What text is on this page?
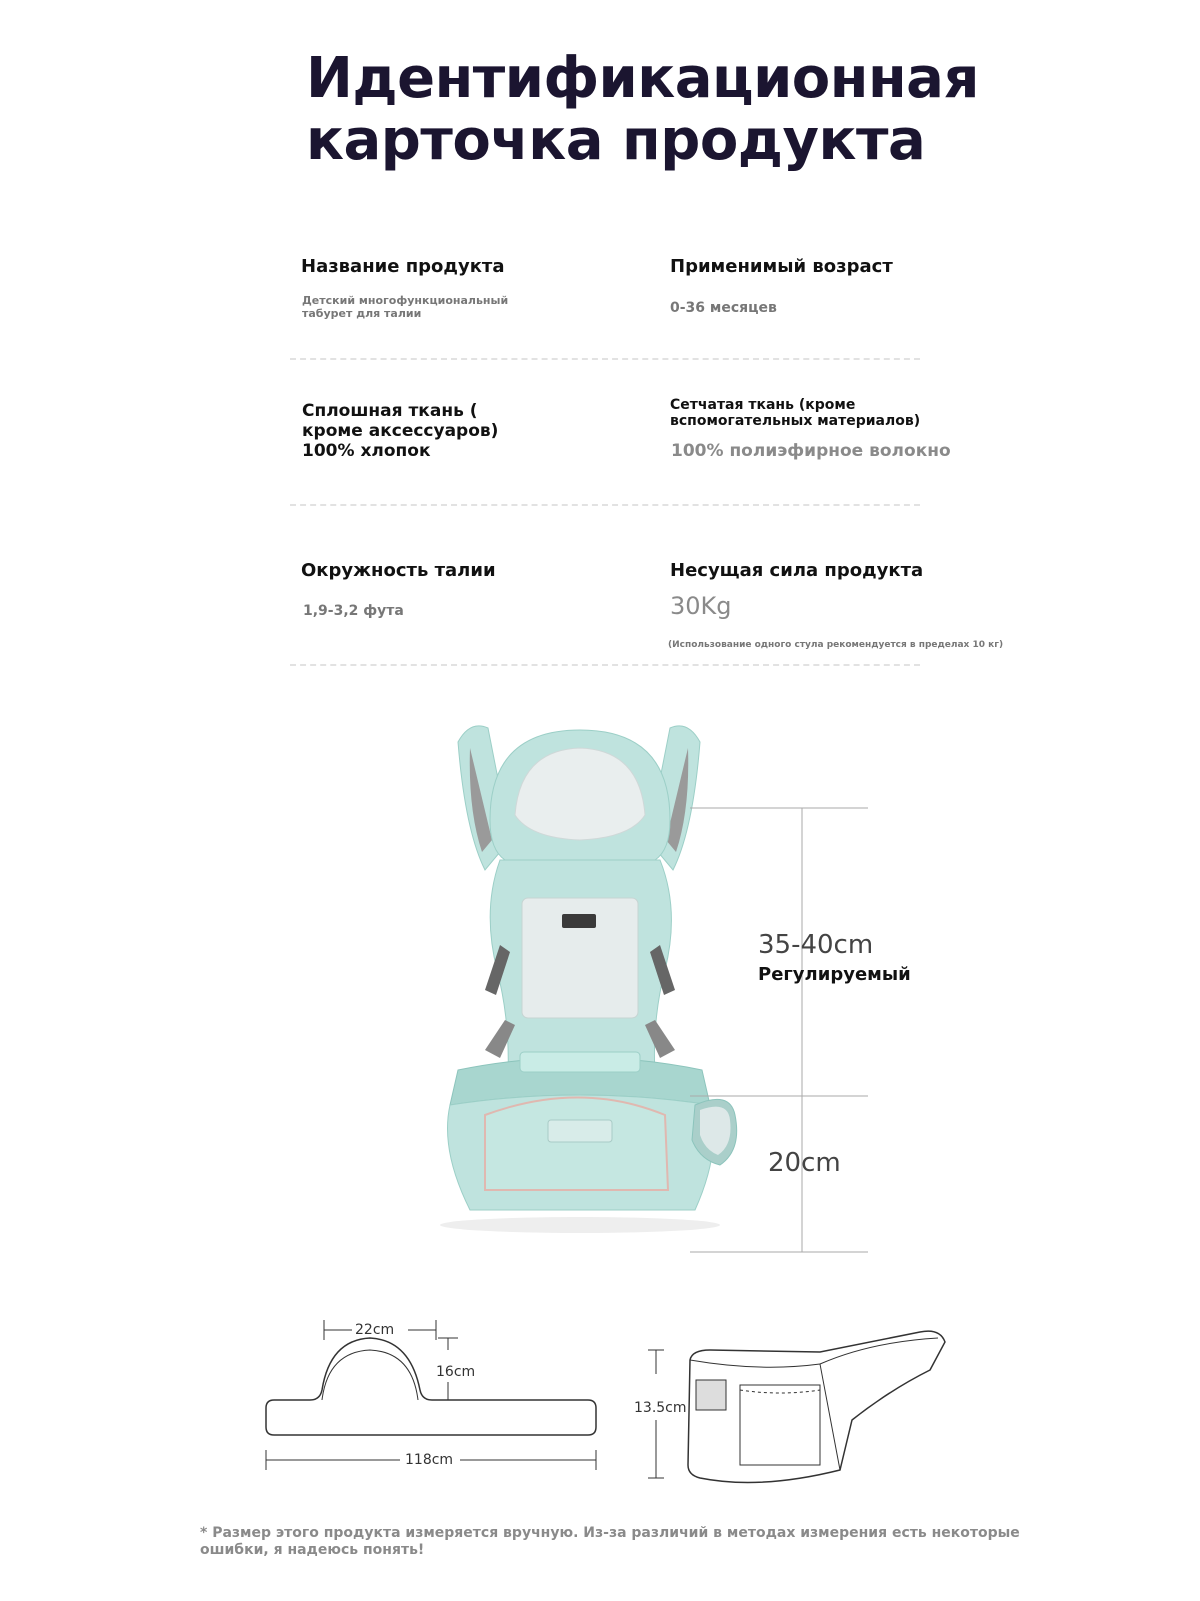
Идентификационная
карточка продукта
Название продукта
Детский многофункциональный
табурет для талии
Применимый возраст
0-36 месяцев
Сплошная ткань (
кроме аксессуаров)
100% хлопок
Сетчатая ткань (кроме
вспомогательных материалов)
100% полиэфирное волокно
Окружность талии
1,9-3,2 фута
Несущая сила продукта
30Kg
(Использование одного стула рекомендуется в пределах 10 кг)
35-40cm
Регулируемый
20cm
22cm
16cm
118cm
13.5cm
* Размер этого продукта измеряется вручную. Из-за различий в методах измерения есть некоторые
ошибки, я надеюсь понять!
